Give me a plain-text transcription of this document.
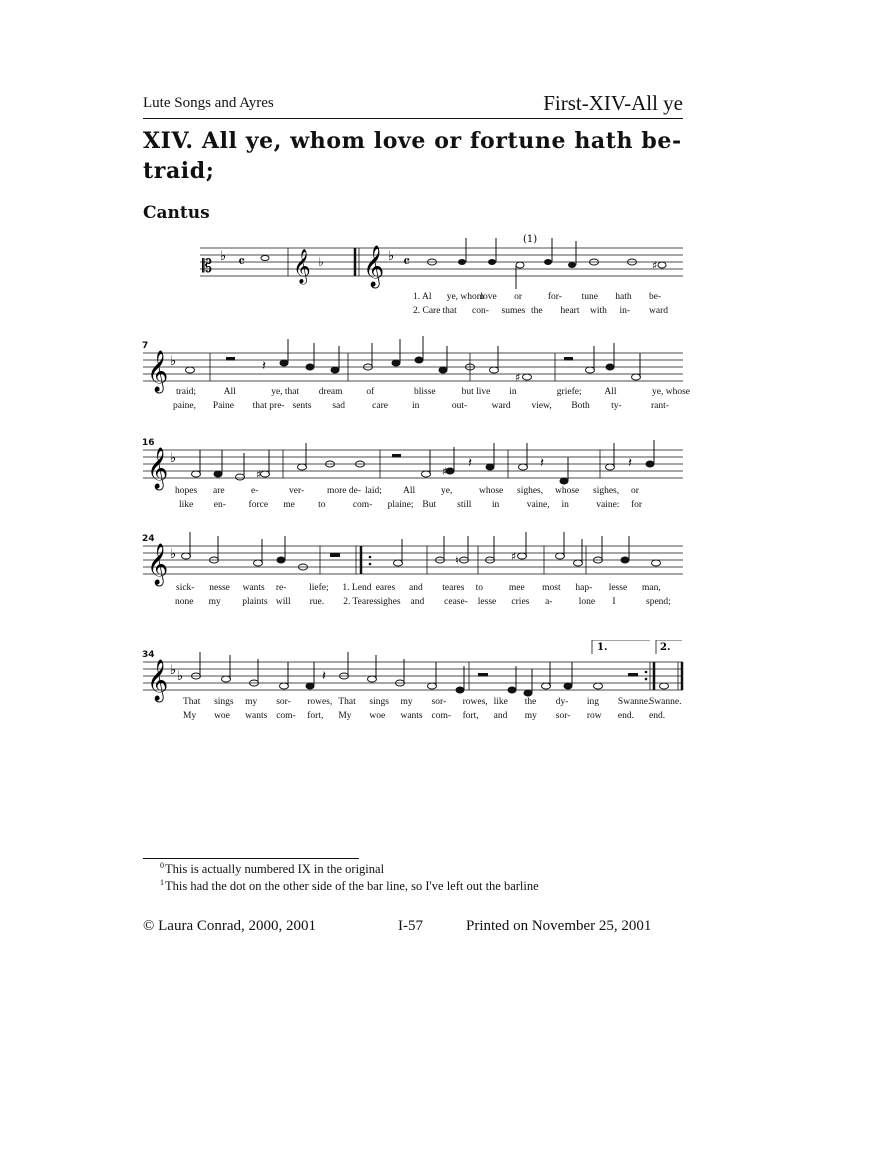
Lute Songs and Ayres	First-XIV-All ye
XIV. All ye, whom love or fortune hath be-
traid;
Cantus
𝄡 ♭ 𝄴 𝄞 ♭ 𝄞 ♭ 𝄴	♯
(1)
1. Al ye, whom
love or	for- tune hath be-
2. Care that con- sumes the heart with in- ward
7
𝄞 ♭	𝄽
♯
traid;	All	ye, that dream	of	blisse	but live in	griefe; All	ye, whose
paine, Paine that pre- sents sad	care	in	out-	ward view, Both ty-	rant-
16
𝄞 ♭
♯
♯
𝄽	𝄽	𝄽
hopes are	e-	ver- more de- laid; All	ye,	whose sighes, whose sighes, or
like en- force me to	com- plaine; But still in	vaine, in	vaine: for
24
𝄞 ♭	♮	♯
sick- nesse wants re- liefe; 1. Lend eares and teares to	mee most hap- lesse man,
none my plaints will rue. 2. Teares sighes and cease- lesse cries a-	lone I	spend;
34
1.	2.
𝄞 ♭ ♭	𝄽
That sings my sor- rowes, That sings my sor- rowes, like the dy- ing Swanne.
Swanne.
My woe wants com- fort, My woe wants com- fort, and my sor- row end. end.
$^0$This is actually numbered IX in the original
$^1$This had the dot on the other side of the bar line, so I've left out the barline
© Laura Conrad, 2000, 2001	I-57	Printed on November 25, 2001
